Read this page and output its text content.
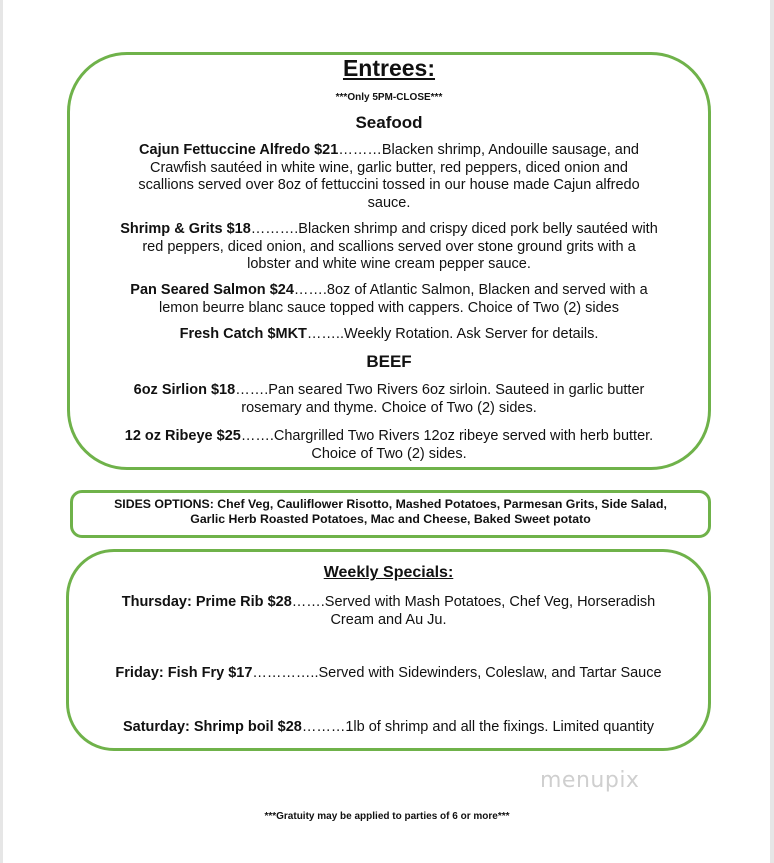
Entrees:

***Only 5PM-CLOSE***

Seafood

Cajun Fettuccine Alfredo $21………Blacken shrimp, Andouille sausage, and
Crawfish sautéed in white wine, garlic butter, red peppers, diced onion and
scallions served over 8oz of fettuccini tossed in our house made Cajun alfredo
sauce.
Shrimp & Grits $18……….Blacken shrimp and crispy diced pork belly sautéed with
red peppers, diced onion, and scallions served over stone ground grits with a
lobster and white wine cream pepper sauce.
Pan Seared Salmon $24…….8oz of Atlantic Salmon, Blacken and served with a
lemon beurre blanc sauce topped with cappers. Choice of Two (2) sides
Fresh Catch $MKT……..Weekly Rotation. Ask Server for details.

BEEF

6oz Sirlion $18…….Pan seared Two Rivers 6oz sirloin. Sauteed in garlic butter
rosemary and thyme. Choice of Two (2) sides.
12 oz Ribeye $25…….Chargrilled Two Rivers 12oz ribeye served with herb butter.
Choice of Two (2) sides.
SIDES OPTIONS: Chef Veg, Cauliflower Risotto, Mashed Potatoes, Parmesan Grits, Side Salad,
Garlic Herb Roasted Potatoes, Mac and Cheese, Baked Sweet potato

Weekly Specials:

Thursday: Prime Rib $28…….Served with Mash Potatoes, Chef Veg, Horseradish
Cream and Au Ju.
Friday: Fish Fry $17…………..Served with Sidewinders, Coleslaw, and Tartar Sauce
Saturday: Shrimp boil $28………1lb of shrimp and all the fixings. Limited quantity
menupix
***Gratuity may be applied to parties of 6 or more***
